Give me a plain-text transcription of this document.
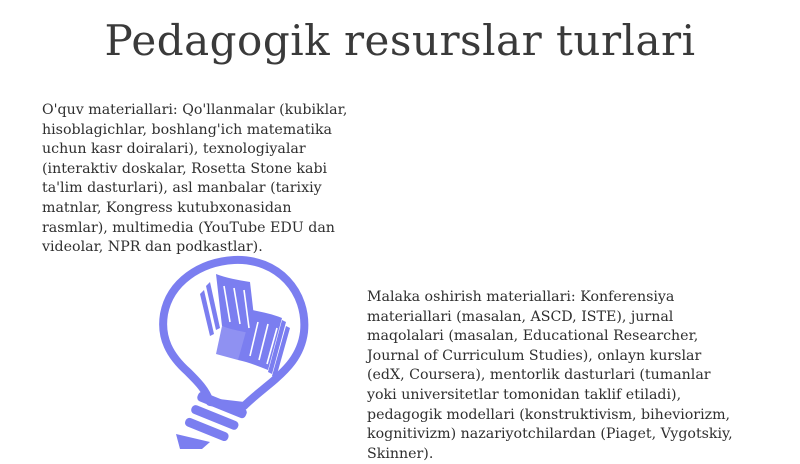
Pedagogik resurslar turlari

O'quv materiallari: Qo'llanmalar (kubiklar, hisoblagichlar, boshlang'ich matematika uchun kasr doiralari), texnologiyalar (interaktiv doskalar, Rosetta Stone kabi ta'lim dasturlari), asl manbalar (tarixiy matnlar, Kongress kutubxonasidan rasmlar), multimedia (YouTube EDU dan videolar, NPR dan podkastlar).

Malaka oshirish materiallari: Konferensiya materiallari (masalan, ASCD, ISTE), jurnal maqolalari (masalan, Educational Researcher, Journal of Curriculum Studies), onlayn kurslar (edX, Coursera), mentorlik dasturlari (tumanlar yoki universitetlar tomonidan taklif etiladi), pedagogik modellari (konstruktivism, biheviorizm, kognitivizm) nazariyotchilardan (Piaget, Vygotskiy, Skinner).
